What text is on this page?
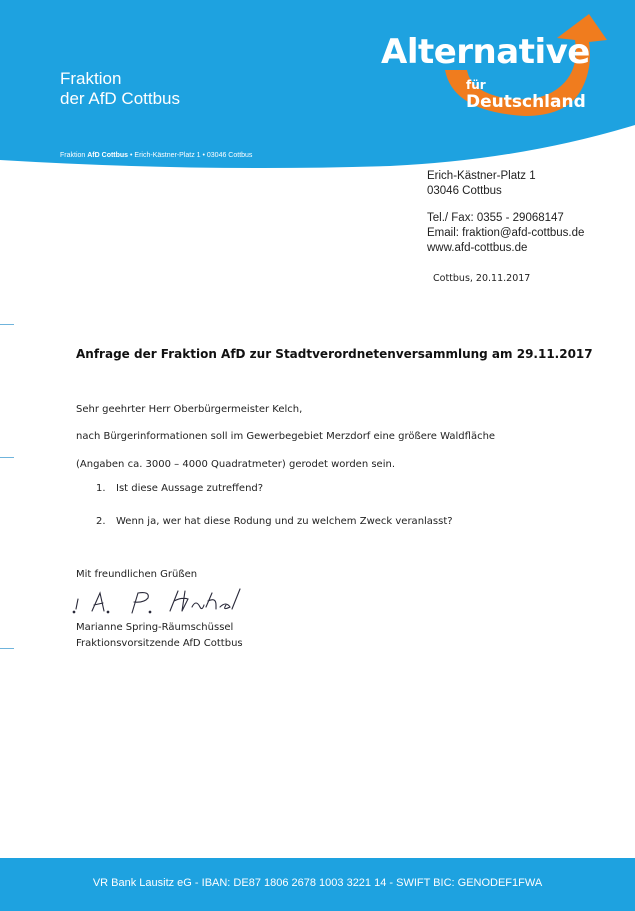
Fraktion
der AfD Cottbus
Fraktion AfD Cottbus • Erich-Kästner-Platz 1 • 03046 Cottbus
Alternative
für
Deutschland
Erich-Kästner-Platz 1
03046 Cottbus
Tel./ Fax: 0355 - 29068147
Email: fraktion@afd-cottbus.de
www.afd-cottbus.de
Cottbus, 20.11.2017
Anfrage der Fraktion AfD zur Stadtverordnetenversammlung am 29.11.2017
Sehr geehrter Herr Oberbürgermeister Kelch,
nach Bürgerinformationen soll im Gewerbegebiet Merzdorf eine größere Waldfläche
(Angaben ca. 3000 – 4000 Quadratmeter) gerodet worden sein.
1. Ist diese Aussage zutreffend?
2. Wenn ja, wer hat diese Rodung und zu welchem Zweck veranlasst?
Mit freundlichen Grüßen
Marianne Spring-Räumschüssel
Fraktionsvorsitzende AfD Cottbus
VR Bank Lausitz eG - IBAN: DE87 1806 2678 1003 3221 14 - SWIFT BIC: GENODEF1FWA
